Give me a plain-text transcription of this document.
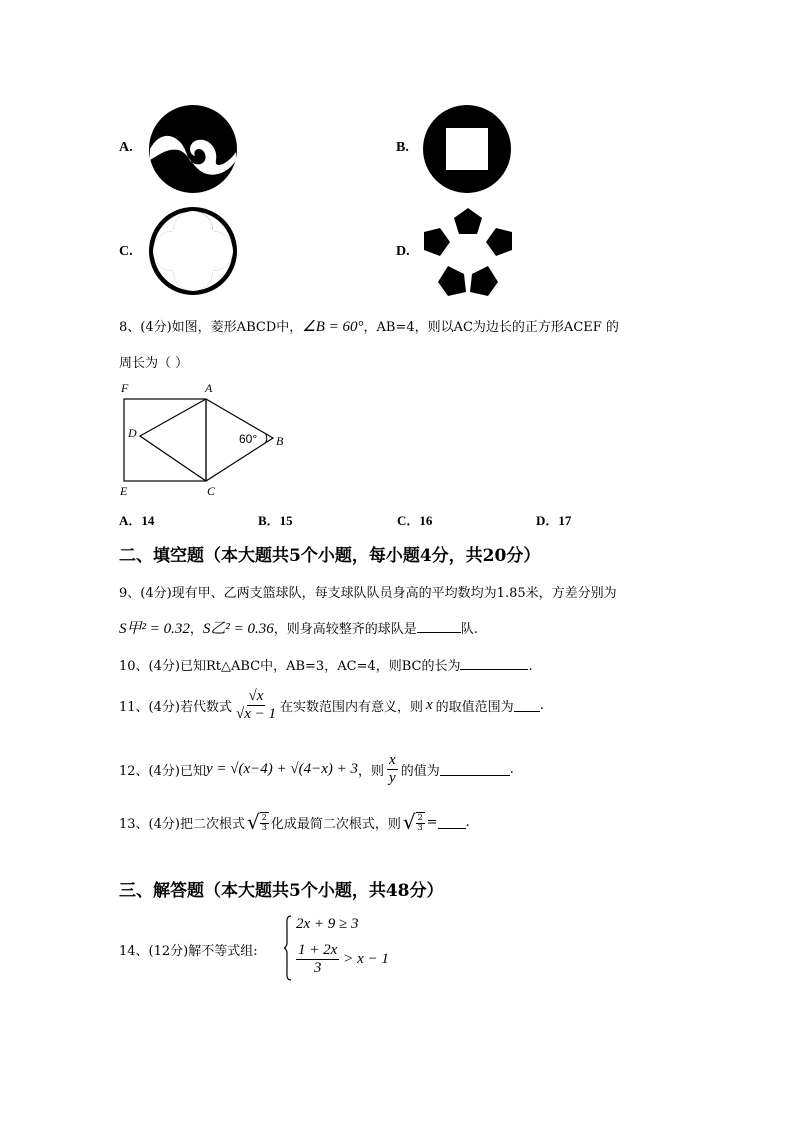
A.	B.
C.	D.
8、(4分)如图，菱形ABCD中，∠B = 60°，AB=4，则以AC为边长的正方形ACEF 的
周长为（ ）
F	A
D
B
E	C
60°
A．14	B．15	C．16	D．17
二、填空题（本大题共5个小题，每小题4分，共20分）
9、(4分)现有甲、乙两支篮球队，每支球队队员身高的平均数均为1.85米，方差分别为
S甲² = 0.32，S乙² = 0.36，则身高较整齐的球队是	队.
10、(4分)已知Rt△ABC中，AB=3，AC=4，则BC的长为	.
11、(4分)若代数式 $\frac{√x}{√x - 1}$ 在实数范围内有意义，则 x 的取值范围为 .
12、(4分)已知 y = √(x−4) + √(4−x) + 3 ，则 $\frac{x}{y}$ 的值为	.
13、(4分)把二次根式 √ $\frac{2}{3}$ 化成最简二次根式，则 √ $\frac{2}{3}$ = .
三、解答题（本大题共5个小题，共48分）
14、(12分)解不等式组:
2x + 9 ≥ 3
$\frac{1 + 2x}{3} > x - 1$
